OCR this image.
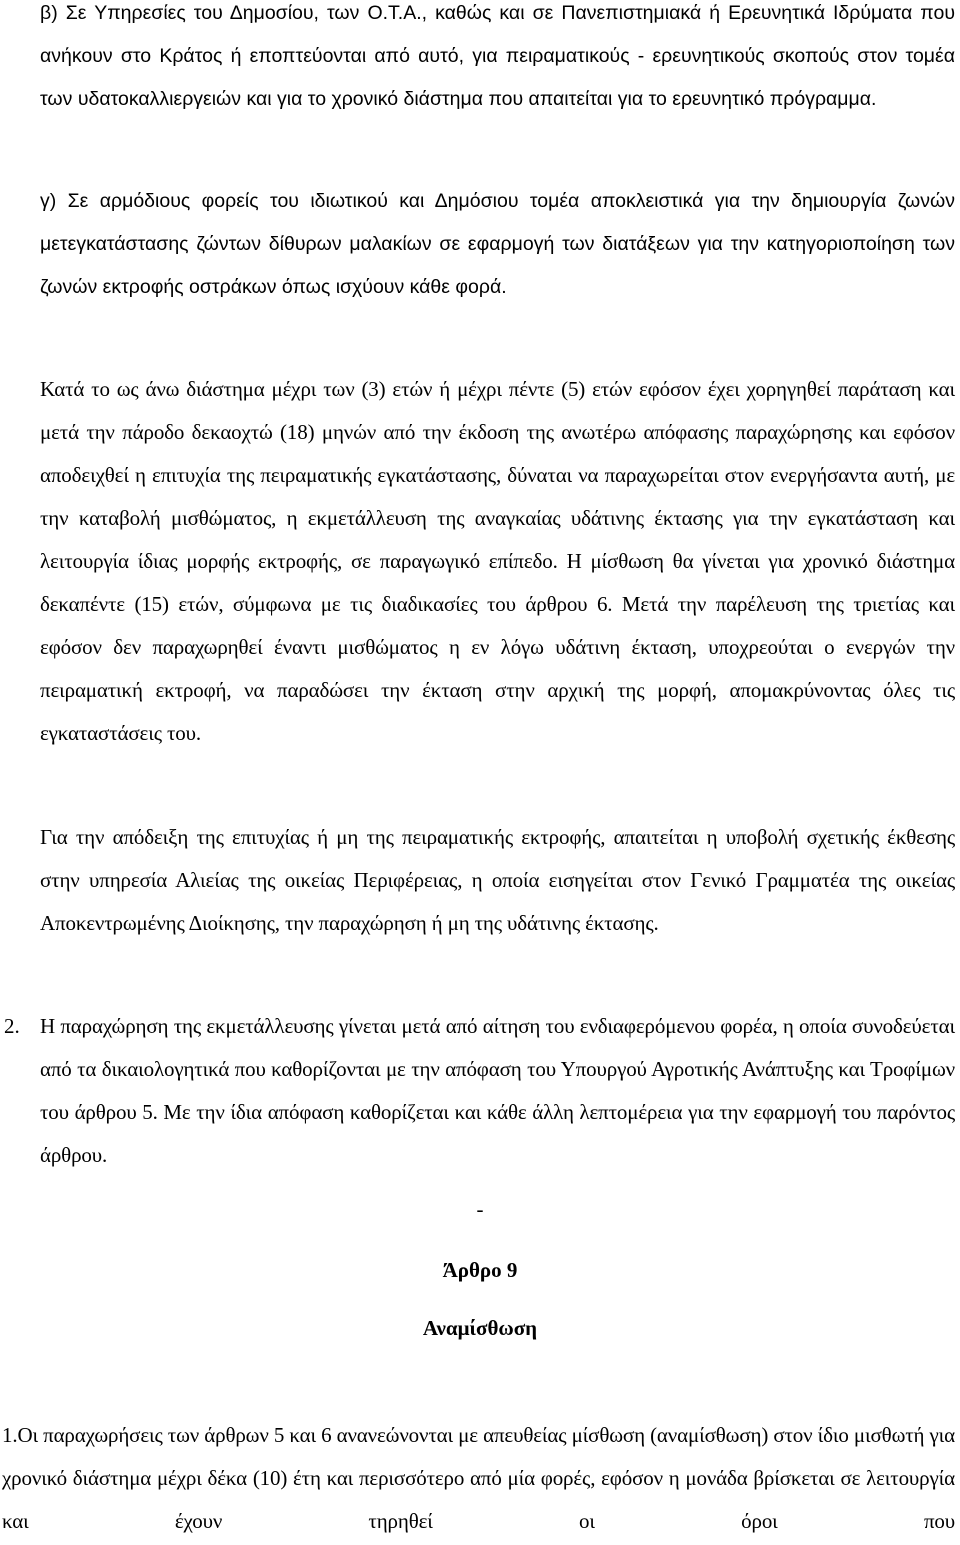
β) Σε Υπηρεσίες του Δημοσίου, των Ο.Τ.Α., καθώς και σε Πανεπιστημιακά ή Ερευνητικά Ιδρύματα που ανήκουν στο Κράτος ή εποπτεύονται από αυτό, για πειραματικούς - ερευνητικούς σκοπούς στον τομέα των υδατοκαλλιεργειών και για το χρονικό διάστημα που απαιτείται για το ερευνητικό πρόγραμμα.

γ) Σε αρμόδιους φορείς του ιδιωτικού και Δημόσιου τομέα αποκλειστικά για την δημιουργία ζωνών μετεγκατάστασης ζώντων δίθυρων μαλακίων σε εφαρμογή των διατάξεων για την κατηγοριοποίηση των ζωνών εκτροφής οστράκων όπως ισχύουν κάθε φορά.

Κατά το ως άνω διάστημα μέχρι των (3) ετών ή μέχρι πέντε (5) ετών εφόσον έχει χορηγηθεί παράταση και μετά την πάροδο δεκαοχτώ (18) μηνών από την έκδοση της ανωτέρω απόφασης παραχώρησης και εφόσον αποδειχθεί η επιτυχία της πειραματικής εγκατάστασης, δύναται να παραχωρείται στον ενεργήσαντα αυτή, με την καταβολή μισθώματος, η εκμετάλλευση της αναγκαίας υδάτινης έκτασης για την εγκατάσταση και λειτουργία ίδιας μορφής εκτροφής, σε παραγωγικό επίπεδο. Η μίσθωση θα γίνεται για χρονικό διάστημα δεκαπέντε (15) ετών, σύμφωνα με τις διαδικασίες του άρθρου 6. Μετά την παρέλευση της τριετίας και εφόσον δεν παραχωρηθεί έναντι μισθώματος η εν λόγω υδάτινη έκταση, υποχρεούται ο ενεργών την πειραματική εκτροφή, να παραδώσει την έκταση στην αρχική της μορφή, απομακρύνοντας όλες τις εγκαταστάσεις του.

Για την απόδειξη της επιτυχίας ή μη της πειραματικής εκτροφής, απαιτείται η υποβολή σχετικής έκθεσης στην υπηρεσία Αλιείας της οικείας Περιφέρειας, η οποία εισηγείται στον Γενικό Γραμματέα της οικείας Αποκεντρωμένης Διοίκησης, την παραχώρηση ή μη της υδάτινης έκτασης.

2. Η παραχώρηση της εκμετάλλευσης γίνεται μετά από αίτηση του ενδιαφερόμενου φορέα, η οποία συνοδεύεται από τα δικαιολογητικά που καθορίζονται με την απόφαση του Υπουργού Αγροτικής Ανάπτυξης και Τροφίμων του άρθρου 5. Με την ίδια απόφαση καθορίζεται και κάθε άλλη λεπτομέρεια για την εφαρμογή του παρόντος άρθρου.

-

Άρθρο 9

Αναμίσθωση

1.Οι παραχωρήσεις των άρθρων 5 και 6 ανανεώνονται με απευθείας μίσθωση (αναμίσθωση) στον ίδιο μισθωτή για χρονικό διάστημα μέχρι δέκα (10) έτη και περισσότερο από μία φορές, εφόσον η μονάδα βρίσκεται σε λειτουργία και έχουν τηρηθεί οι όροι που
